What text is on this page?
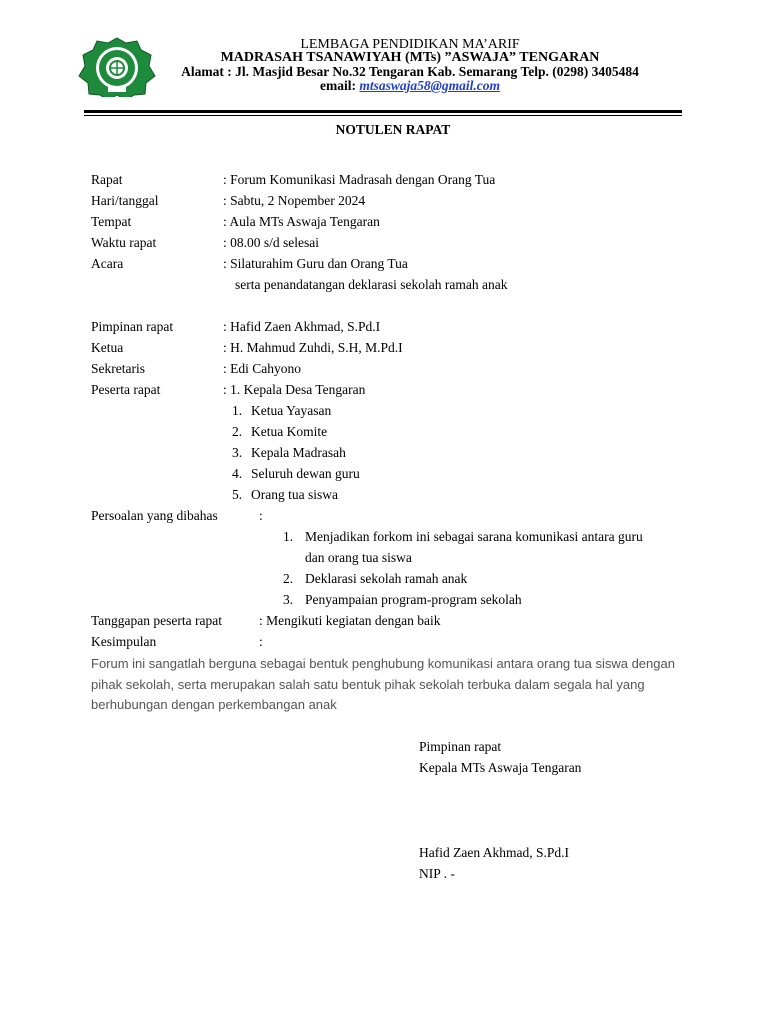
LEMBAGA PENDIDIKAN MA’ARIF
MADRASAH TSANAWIYAH (MTs) ”ASWAJA” TENGARAN
Alamat : Jl. Masjid Besar No.32 Tengaran Kab. Semarang Telp. (0298) 3405484
email: mtsaswaja58@gmail.com
NOTULEN RAPAT
Rapat	: Forum Komunikasi Madrasah dengan Orang Tua
Hari/tanggal	: Sabtu, 2 Nopember 2024
Tempat	: Aula MTs Aswaja Tengaran
Waktu rapat	: 08.00 s/d selesai
Acara	: Silaturahim Guru dan Orang Tua
serta penandatangan deklarasi sekolah ramah anak
Pimpinan rapat	: Hafid Zaen Akhmad, S.Pd.I
Ketua	: H. Mahmud Zuhdi, S.H, M.Pd.I
Sekretaris	: Edi Cahyono
Peserta rapat	: 1. Kepala Desa Tengaran
1. Ketua Yayasan
2. Ketua Komite
3. Kepala Madrasah
4. Seluruh dewan guru
5. Orang tua siswa
Persoalan yang dibahas	:
1. Menjadikan forkom ini sebagai sarana komunikasi antara guru
dan orang tua siswa
2. Deklarasi sekolah ramah anak
3. Penyampaian program-program sekolah
Tanggapan peserta rapat	: Mengikuti kegiatan dengan baik
Kesimpulan	:
Forum ini sangatlah berguna sebagai bentuk penghubung komunikasi antara orang tua siswa dengan
pihak sekolah, serta merupakan salah satu bentuk pihak sekolah terbuka dalam segala hal yang
berhubungan dengan perkembangan anak
Pimpinan rapat
Kepala MTs Aswaja Tengaran
Hafid Zaen Akhmad, S.Pd.I
NIP . -
